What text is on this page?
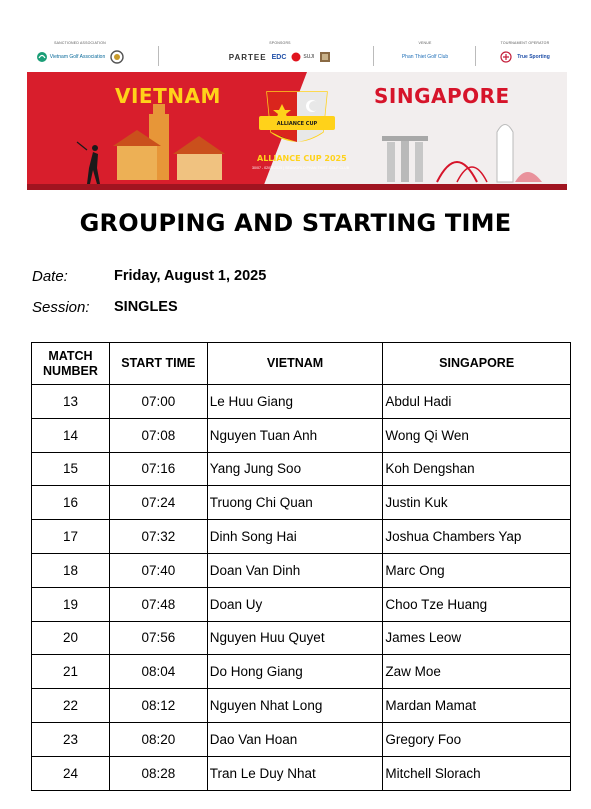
SANCTIONED ASSOCIATION
Vietnam Golf Association
SPONSORS
PARTEE EDC	SUJI
VENUE
Phan Thiet Golf Club
TOURNAMENT OPERATOR
True Sporting
VIETNAM	SINGAPORE
ALLIANCE CUP
ALLIANCE CUP 2025
30/07 - 02/08/2025 | SEAWORLD PHAN THIET GOLF CLUB
GROUPING AND STARTING TIME
Date:	Friday, August 1, 2025
Session: SINGLES
MATCH NUMBER	START TIME	VIETNAM	SINGAPORE
13	07:00	Le Huu Giang	Abdul Hadi
14	07:08	Nguyen Tuan Anh	Wong Qi Wen
15	07:16	Yang Jung Soo	Koh Dengshan
16	07:24	Truong Chi Quan	Justin Kuk
17	07:32	Dinh Song Hai	Joshua Chambers Yap
18	07:40	Doan Van Dinh	Marc Ong
19	07:48	Doan Uy	Choo Tze Huang
20	07:56	Nguyen Huu Quyet	James Leow
21	08:04	Do Hong Giang	Zaw Moe
22	08:12	Nguyen Nhat Long	Mardan Mamat
23	08:20	Dao Van Hoan	Gregory Foo
24	08:28	Tran Le Duy Nhat	Mitchell Slorach
